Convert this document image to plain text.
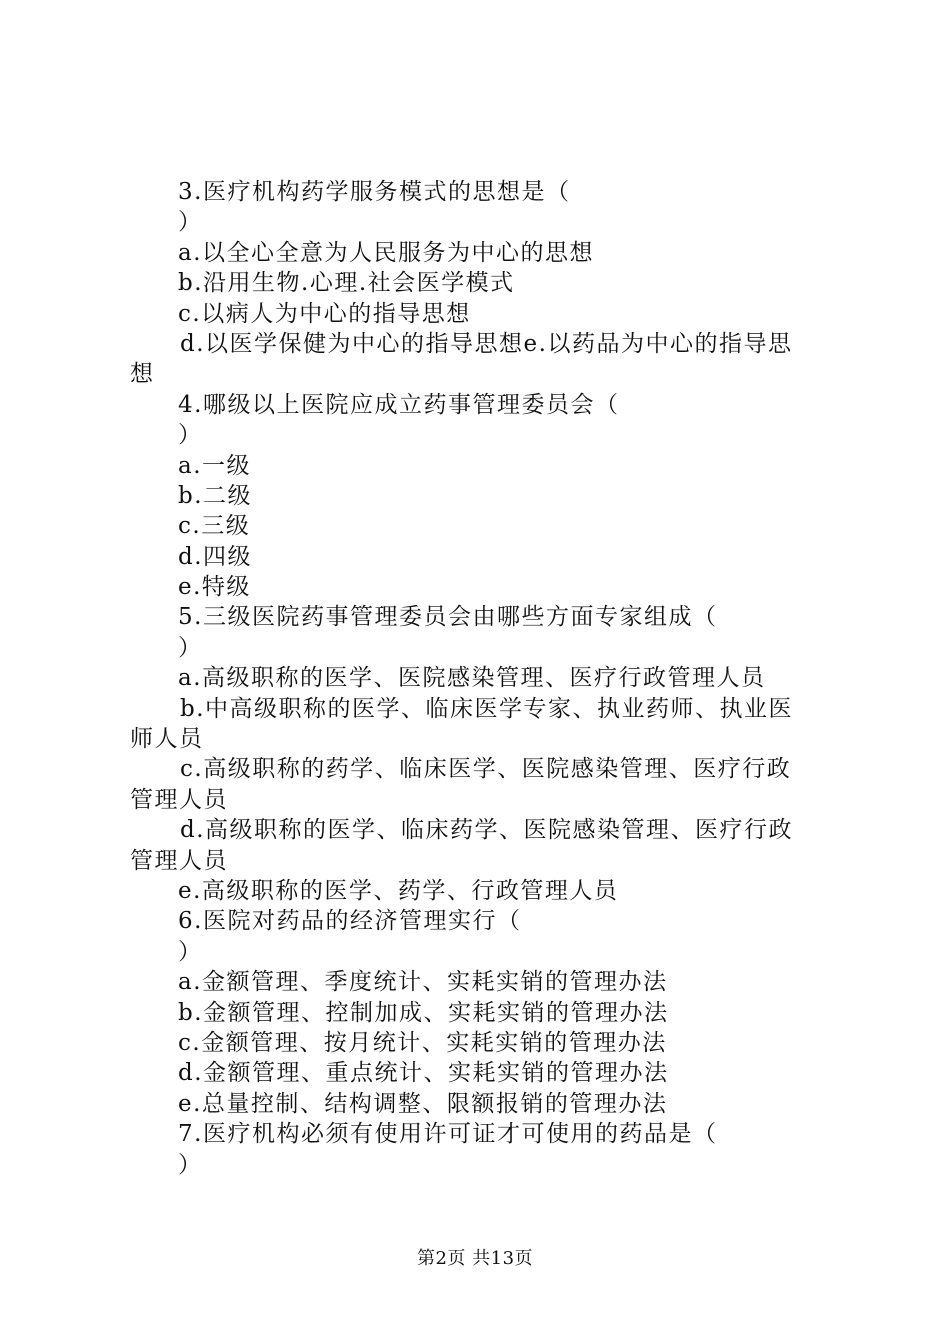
3.医疗机构药学服务模式的思想是（
）
a.以全心全意为人民服务为中心的思想
b.沿用生物.心理.社会医学模式
c.以病人为中心的指导思想
d.以医学保健为中心的指导思想e.以药品为中心的指导思
想
4.哪级以上医院应成立药事管理委员会（
）
a.一级
b.二级
c.三级
d.四级
e.特级
5.三级医院药事管理委员会由哪些方面专家组成（
）
a.高级职称的医学、医院感染管理、医疗行政管理人员
b.中高级职称的医学、临床医学专家、执业药师、执业医
师人员
c.高级职称的药学、临床医学、医院感染管理、医疗行政
管理人员
d.高级职称的医学、临床药学、医院感染管理、医疗行政
管理人员
e.高级职称的医学、药学、行政管理人员
6.医院对药品的经济管理实行（
）
a.金额管理、季度统计、实耗实销的管理办法
b.金额管理、控制加成、实耗实销的管理办法
c.金额管理、按月统计、实耗实销的管理办法
d.金额管理、重点统计、实耗实销的管理办法
e.总量控制、结构调整、限额报销的管理办法
7.医疗机构必须有使用许可证才可使用的药品是（
）
第2页 共13页
